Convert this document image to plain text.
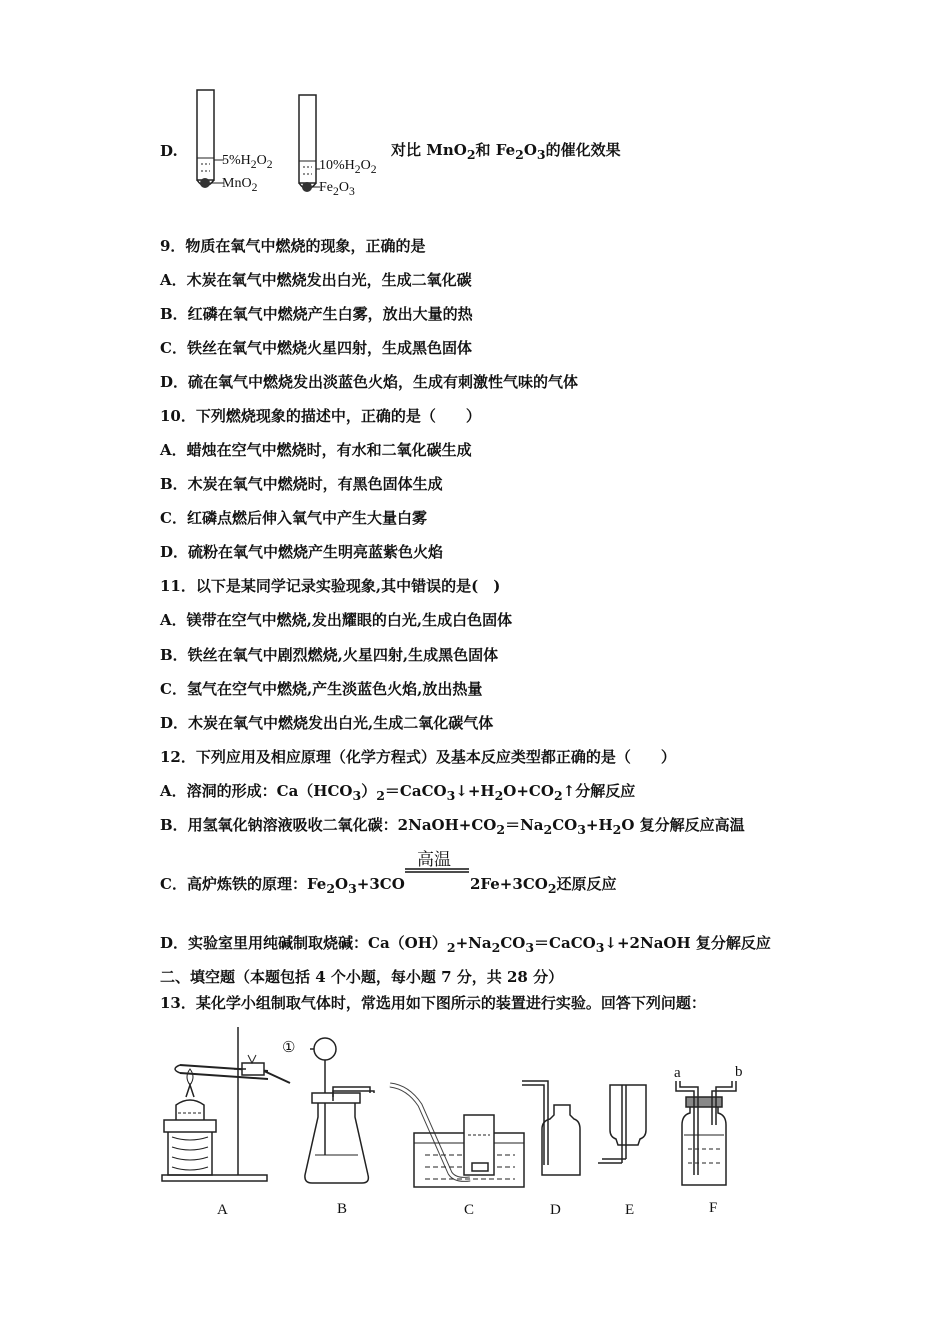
D.
$5\%H_2O_2$
MnO$_2$
$10\%H_2O_2$
$Fe_2O_3$
对比 MnO$_2$和 $Fe_2O_3$的催化效果
9．物质在氧气中燃烧的现象，正确的是
A．木炭在氧气中燃烧发出白光，生成二氧化碳
B．红磷在氧气中燃烧产生白雾，放出大量的热
C．铁丝在氧气中燃烧火星四射，生成黑色固体
D．硫在氧气中燃烧发出淡蓝色火焰，生成有刺激性气味的气体
10．下列燃烧现象的描述中，正确的是（　　）
A．蜡烛在空气中燃烧时，有水和二氧化碳生成
B．木炭在氧气中燃烧时，有黑色固体生成
C．红磷点燃后伸入氧气中产生大量白雾
D．硫粉在氧气中燃烧产生明亮蓝紫色火焰
11．以下是某同学记录实验现象,其中错误的是(　)
A．镁带在空气中燃烧,发出耀眼的白光,生成白色固体
B．铁丝在氧气中剧烈燃烧,火星四射,生成黑色固体
C．氢气在空气中燃烧,产生淡蓝色火焰,放出热量
D．木炭在氧气中燃烧发出白光,生成二氧化碳气体
12．下列应用及相应原理（化学方程式）及基本反应类型都正确的是（　　）
A．溶洞的形成：$Ca(HCO_3)_2=CaCO_3↓+H_2O+CO_2↑$分解反应
B．用氢氧化钠溶液吸收二氧化碳：$2NaOH+CO_2=Na_2CO_3+H_2O$ 复分解反应高温
高温
C．高炉炼铁的原理：$Fe_2O_3+3CO$	$2Fe+3CO_2$还原反应
D．实验室里用纯碱制取烧碱：$Ca(OH)_2+Na_2CO_3=CaCO_3↓+2NaOH$ 复分解反应
二、填空题（本题包括 4 个小题，每小题 7 分，共 28 分）
13．某化学小组制取气体时，常选用如下图所示的装置进行实验。回答下列问题：
①
a	b
A	B	C	D	E	F
